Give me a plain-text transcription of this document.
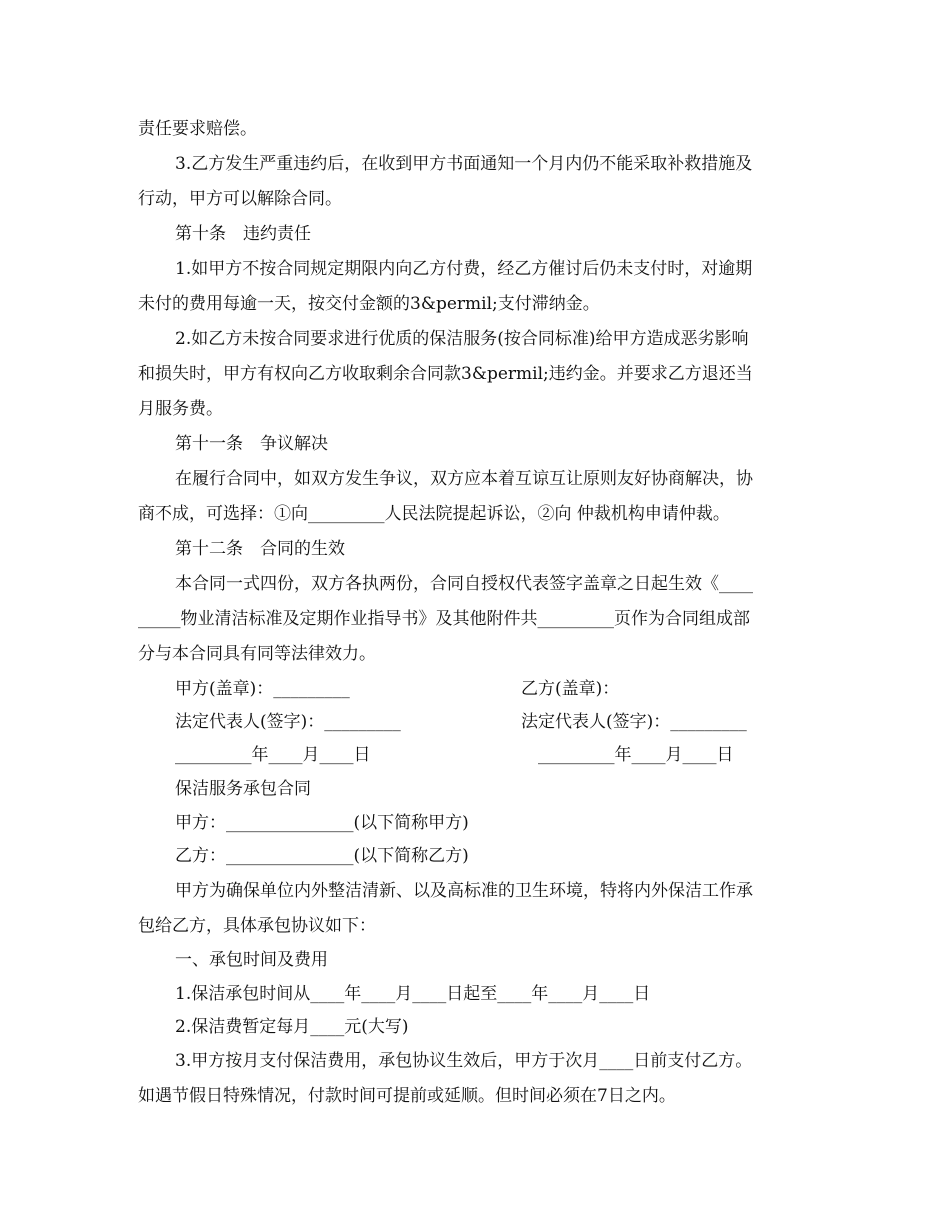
责任要求赔偿。
3.乙方发生严重违约后，在收到甲方书面通知一个月内仍不能采取补救措施及
行动，甲方可以解除合同。
第十条　违约责任
1.如甲方不按合同规定期限内向乙方付费，经乙方催讨后仍未支付时，对逾期
未付的费用每逾一天，按交付金额的3&permil;支付滞纳金。
2.如乙方未按合同要求进行优质的保洁服务(按合同标准)给甲方造成恶劣影响
和损失时，甲方有权向乙方收取剩余合同款3&permil;违约金。并要求乙方退还当
月服务费。
第十一条　争议解决
在履行合同中，如双方发生争议，双方应本着互谅互让原则友好协商解决，协
商不成，可选择：①向_________人民法院提起诉讼，②向 仲裁机构申请仲裁。
第十二条　合同的生效
本合同一式四份，双方各执两份，合同自授权代表签字盖章之日起生效《____
_____物业清洁标准及定期作业指导书》及其他附件共_________页作为合同组成部
分与本合同具有同等法律效力。
甲方(盖章)：_________	乙方(盖章)：
法定代表人(签字)：_________	法定代表人(签字)：_________
_________年____月____日	_________年____月____日
保洁服务承包合同
甲方：_______________(以下简称甲方)
乙方：_______________(以下简称乙方)
甲方为确保单位内外整洁清新、以及高标准的卫生环境，特将内外保洁工作承
包给乙方，具体承包协议如下：
一、承包时间及费用
1.保洁承包时间从____年____月____日起至____年____月____日
2.保洁费暂定每月____元(大写)
3.甲方按月支付保洁费用，承包协议生效后，甲方于次月____日前支付乙方。
如遇节假日特殊情况，付款时间可提前或延顺。但时间必须在7日之内。
